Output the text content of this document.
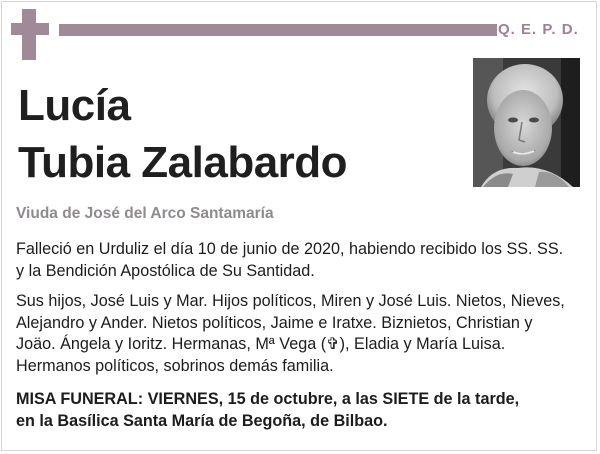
Q. E. P. D.
Lucía
Tubia Zalabardo
Viuda de José del Arco Santamaría
Falleció en Urduliz el día 10 de junio de 2020, habiendo recibido los SS. SS.
y la Bendición Apostólica de Su Santidad.
Sus hijos, José Luis y Mar. Hijos políticos, Miren y José Luis. Nietos, Nieves,
Alejandro y Ander. Nietos políticos, Jaime e Iratxe. Biznietos, Christian y
Joäo. Ángela y Ioritz. Hermanas, Mª Vega (✞), Eladia y María Luisa.
Hermanos políticos, sobrinos demás familia.
MISA FUNERAL: VIERNES, 15 de octubre, a las SIETE de la tarde,
en la Basílica Santa María de Begoña, de Bilbao.
